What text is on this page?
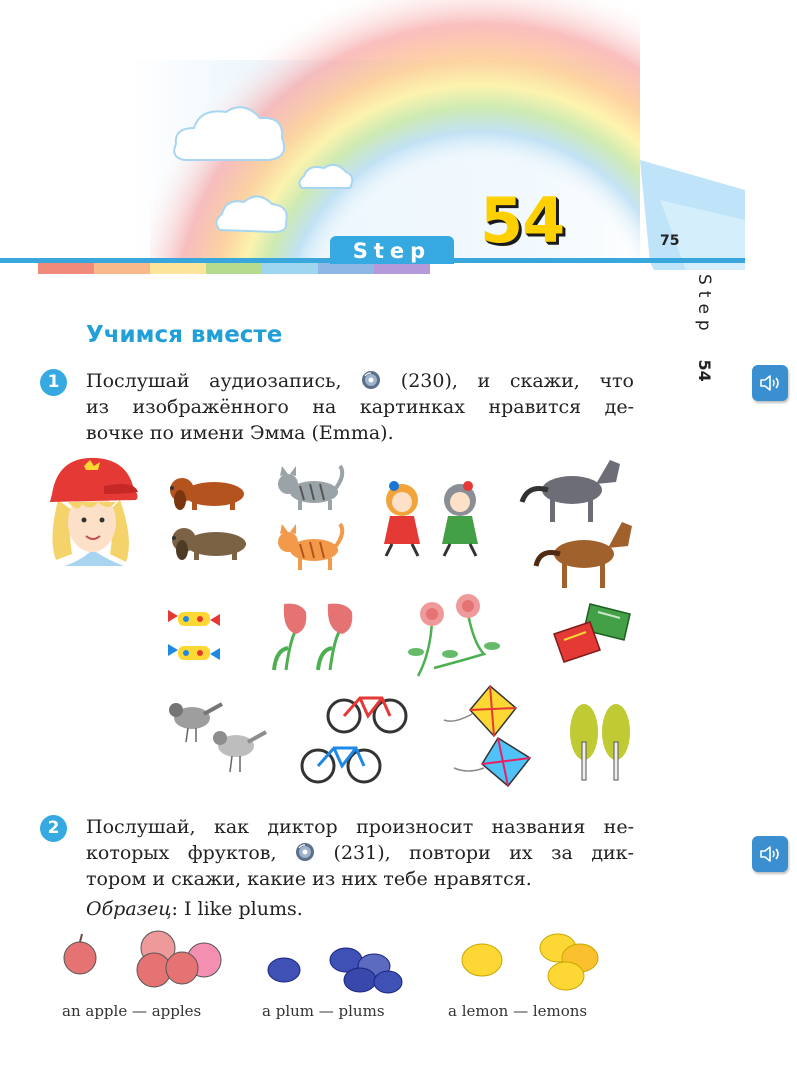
Step 54	75
Step  54
Учимся вместе
1	Послушай аудиозапись,	(230), и скажи, что

из изображённого на картинках нравится де-

вочке по имени Эмма (Emma).

2	Послушай, как диктор произносит названия не-

которых фруктов,	(231), повтори их за дик-

тором и скажи, какие из них тебе нравятся.

Образец: I like plums.
an apple — apples	a plum — plums	a lemon — lemons
